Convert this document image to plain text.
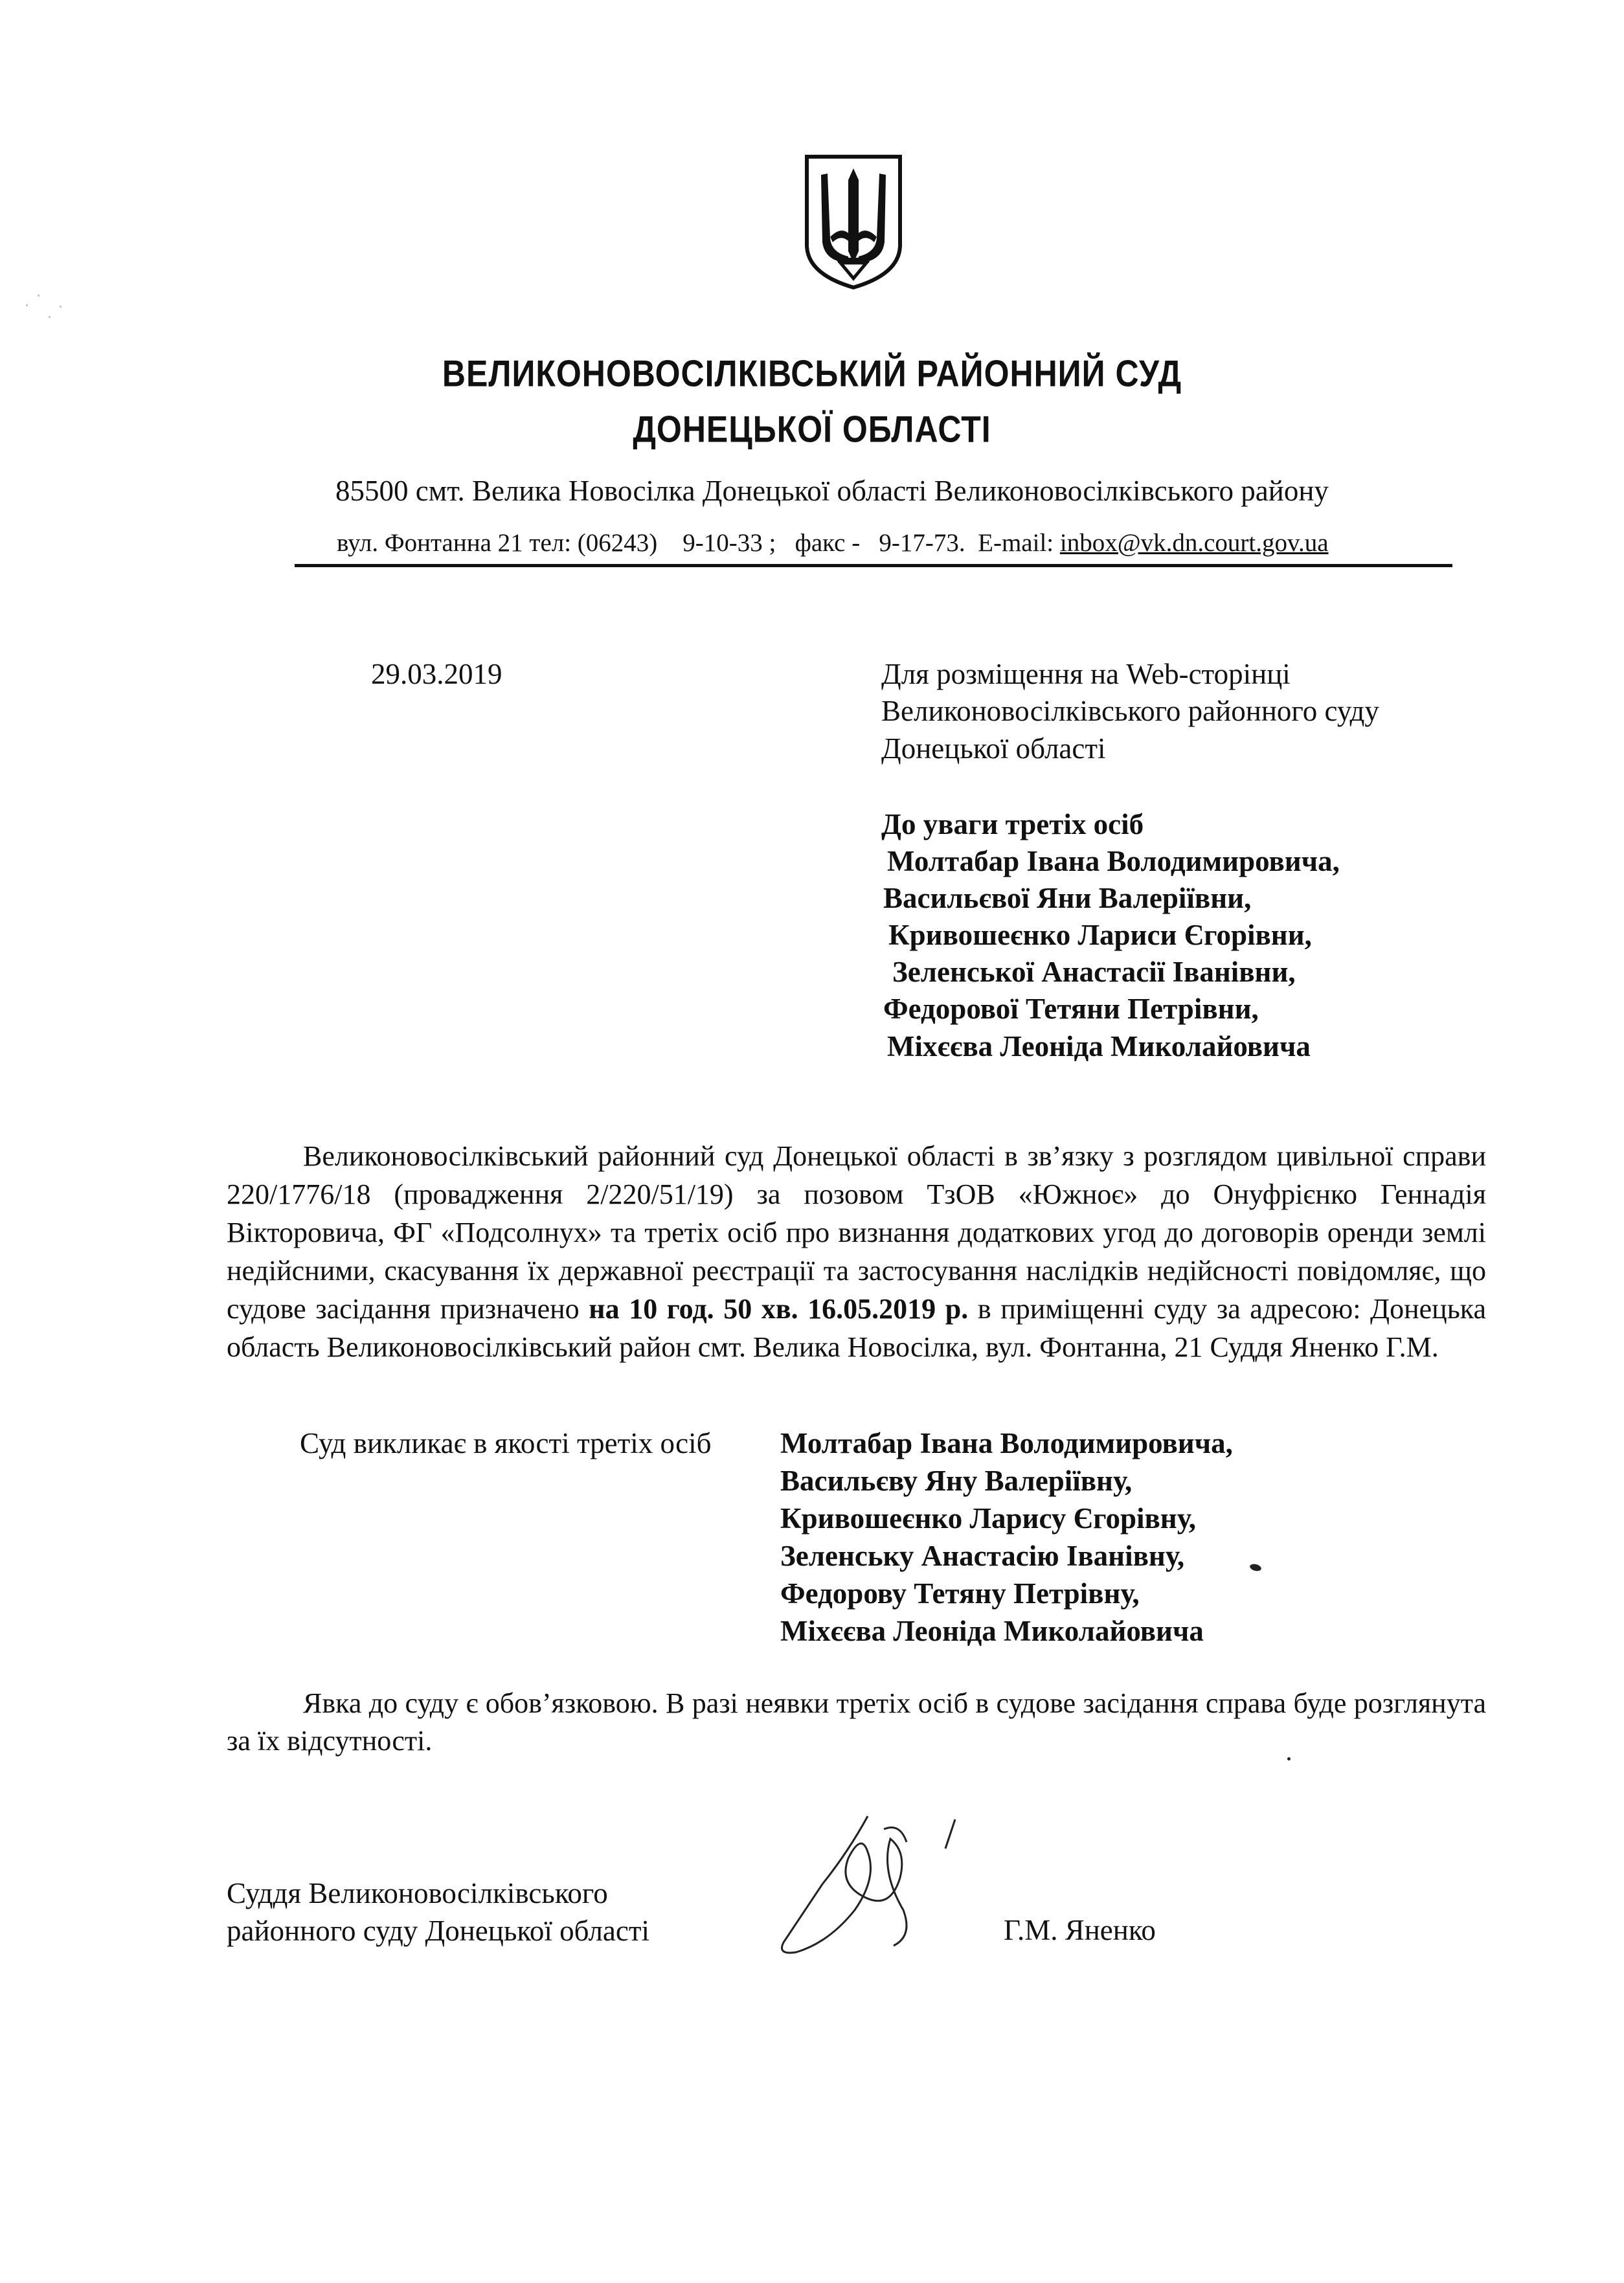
ВЕЛИКОНОВОСІЛКІВСЬКИЙ РАЙОННИЙ СУД
ДОНЕЦЬКОЇ ОБЛАСТІ
85500 смт. Велика Новосілка Донецької області Великоновосілківського району
вул. Фонтанна 21 тел: (06243)    9-10-33 ;   факс -   9-17-73.  E-mail: inbox@vk.dn.court.gov.ua
29.03.2019	Для розміщення на Web-сторінці
Великоновосілківського районного суду
Донецької області
До уваги третіх осіб
Молтабар Івана Володимировича,
Васильєвої Яни Валеріївни,
Кривошеєнко Лариси Єгорівни,
Зеленської Анастасії Іванівни,
Федорової Тетяни Петрівни,
Міхєєва Леоніда Миколайовича
Великоновосілківський районний суд Донецької області в зв’язку з розглядом цивільної справи 220/1776/18 (провадження 2/220/51/19) за позовом ТзОВ «Южноє» до Онуфрієнко Геннадія Вікторовича, ФГ «Подсолнух» та третіх осіб про визнання додаткових угод до договорів оренди землі недійсними, скасування їх державної реєстрації та застосування наслідків недійсності повідомляє, що судове засідання призначено на 10 год. 50 хв. 16.05.2019 р. в приміщенні суду за адресою: Донецька область Великоновосілківський район смт. Велика Новосілка, вул. Фонтанна, 21 Суддя Яненко Г.М.
Суд викликає в якості третіх осіб Молтабар Івана Володимировича,
Васильєву Яну Валеріївну,
Кривошеєнко Ларису Єгорівну,
Зеленську Анастасію Іванівну,
Федорову Тетяну Петрівну,
Міхєєва Леоніда Миколайовича
Явка до суду є обов’язковою. В разі неявки третіх осіб в судове засідання справа буде розглянута за їх відсутності.
Суддя Великоновосілківського
районного суду Донецької області	Г.М. Яненко
